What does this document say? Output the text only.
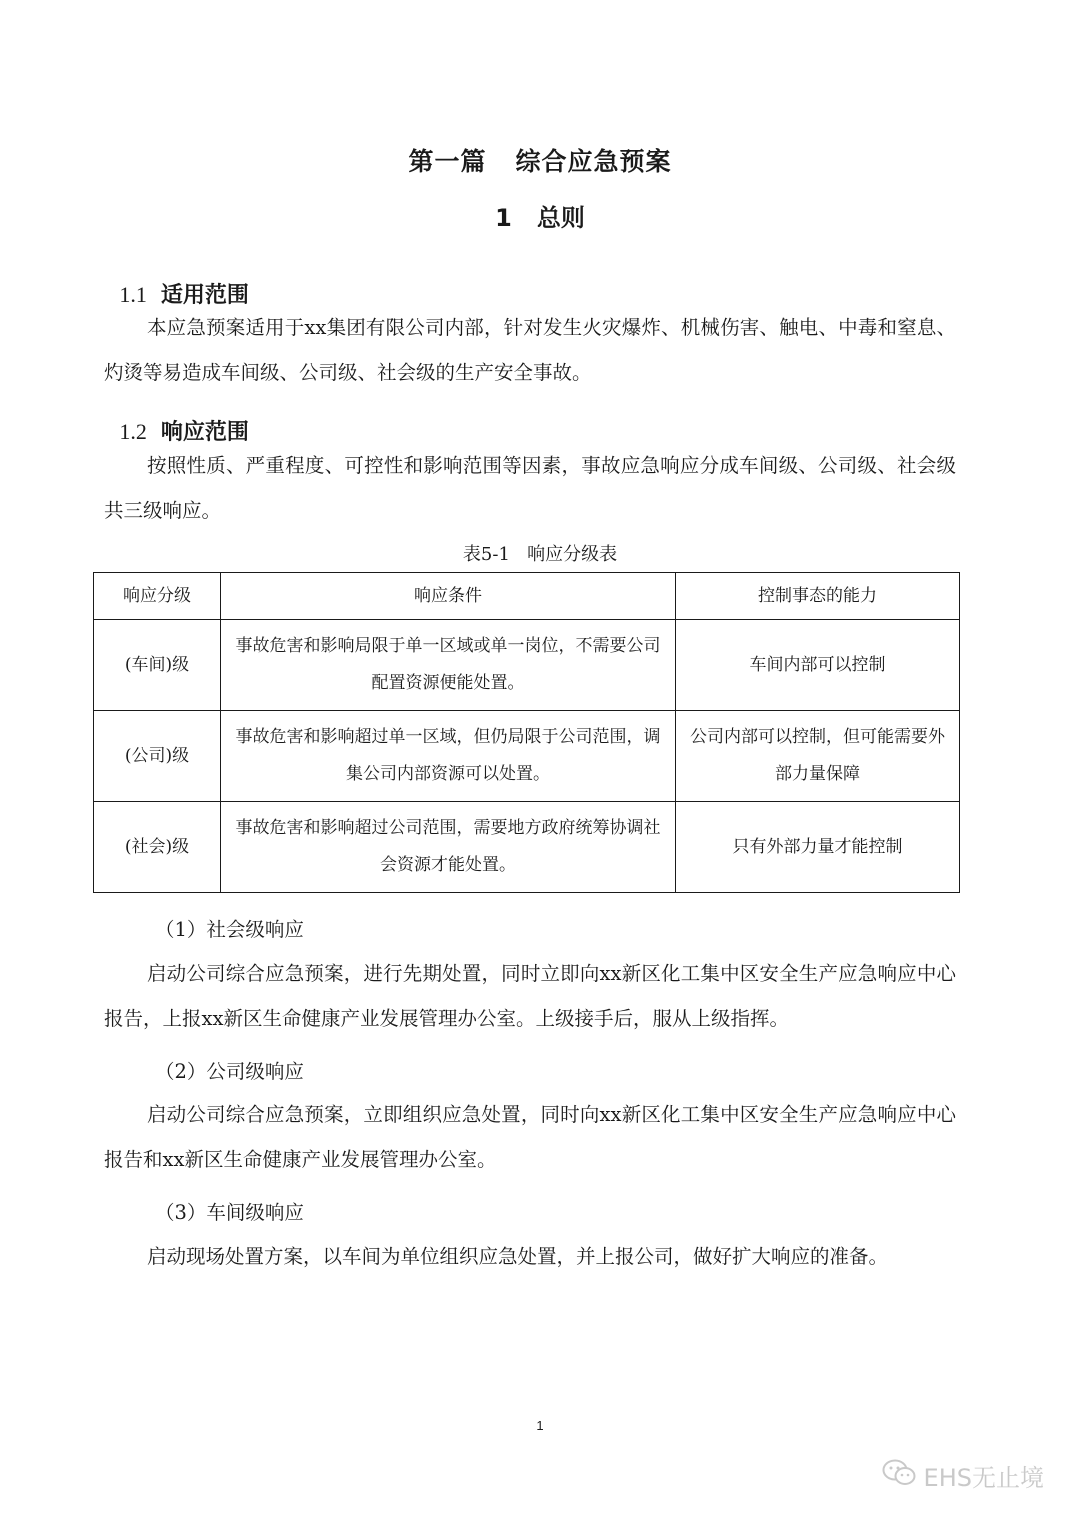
第一篇   综合应急预案
1   总则

1.1 适用范围

本应急预案适用于xx集团有限公司内部，针对发生火灾爆炸、机械伤害、触电、中毒和窒息、灼烫等易造成车间级、公司级、社会级的生产安全事故。

1.2 响应范围

按照性质、严重程度、可控性和影响范围等因素，事故应急响应分成车间级、公司级、社会级共三级响应。
表5-1   响应分级表
响应分级	响应条件	控制事态的能力
(车间)级	事故危害和影响局限于单一区域或单一岗位，不需要公司配置资源便能处置。	车间内部可以控制
(公司)级	事故危害和影响超过单一区域，但仍局限于公司范围，调集公司内部资源可以处置。	公司内部可以控制，但可能需要外部力量保障
(社会)级	事故危害和影响超过公司范围，需要地方政府统筹协调社会资源才能处置。	只有外部力量才能控制
（1）社会级响应
启动公司综合应急预案，进行先期处置，同时立即向xx新区化工集中区安全生产应急响应中心报告，上报xx新区生命健康产业发展管理办公室。上级接手后，服从上级指挥。
（2）公司级响应
启动公司综合应急预案，立即组织应急处置，同时向xx新区化工集中区安全生产应急响应中心报告和xx新区生命健康产业发展管理办公室。
（3）车间级响应
启动现场处置方案，以车间为单位组织应急处置，并上报公司，做好扩大响应的准备。
1
EHS无止境
